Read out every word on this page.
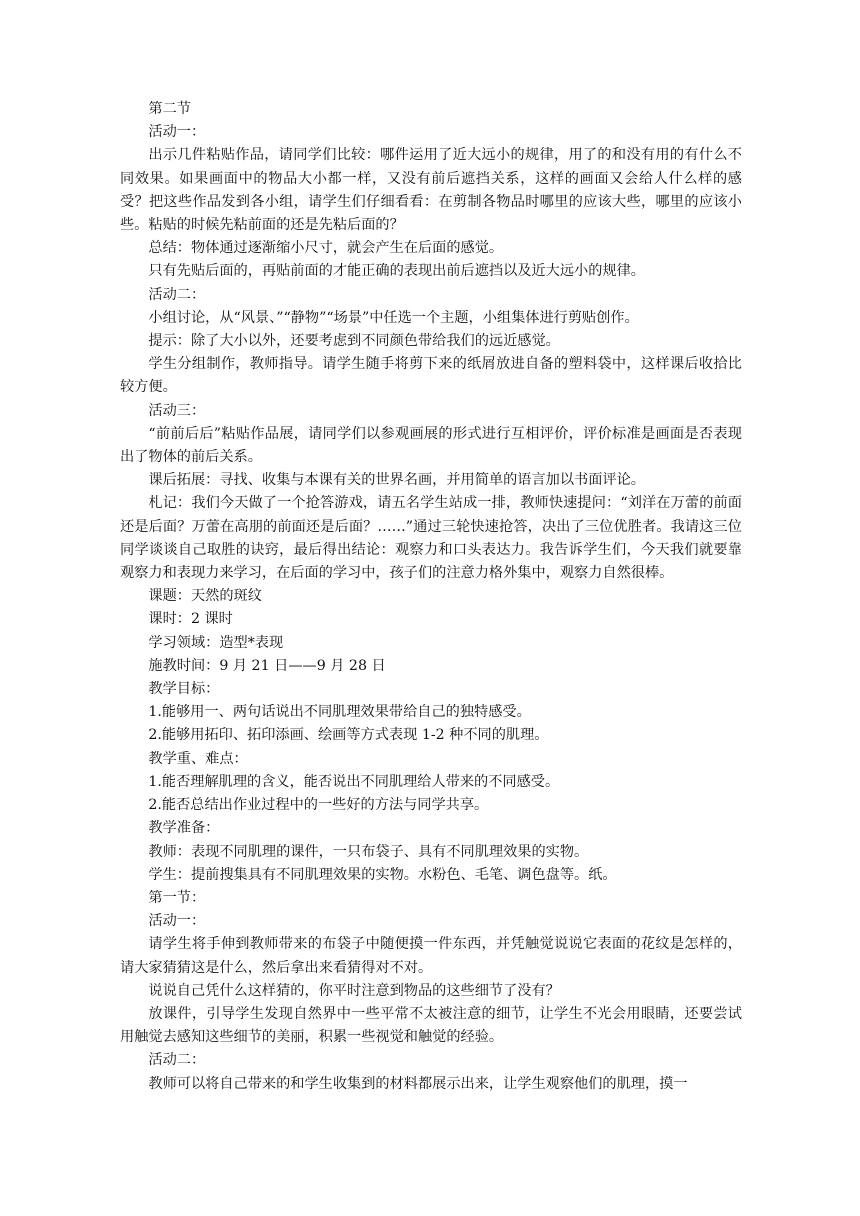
第二节

活动一：

出示几件粘贴作品，请同学们比较：哪件运用了近大远小的规律，用了的和没有用的有什么不同效果。如果画面中的物品大小都一样，又没有前后遮挡关系，这样的画面又会给人什么样的感受？把这些作品发到各小组，请学生们仔细看看：在剪制各物品时哪里的应该大些，哪里的应该小些。粘贴的时候先粘前面的还是先粘后面的？

总结：物体通过逐渐缩小尺寸，就会产生在后面的感觉。

只有先贴后面的，再贴前面的才能正确的表现出前后遮挡以及近大远小的规律。

活动二：

小组讨论，从“风景、”“静物”“场景”中任选一个主题，小组集体进行剪贴创作。

提示：除了大小以外，还要考虑到不同颜色带给我们的远近感觉。

学生分组制作，教师指导。请学生随手将剪下来的纸屑放进自备的塑料袋中，这样课后收拾比较方便。

活动三：

“前前后后”粘贴作品展，请同学们以参观画展的形式进行互相评价，评价标准是画面是否表现出了物体的前后关系。

课后拓展：寻找、收集与本课有关的世界名画，并用简单的语言加以书面评论。

札记：我们今天做了一个抢答游戏，请五名学生站成一排，教师快速提问：“刘洋在万蕾的前面还是后面？万蕾在高朋的前面还是后面？……”通过三轮快速抢答，决出了三位优胜者。我请这三位同学谈谈自己取胜的诀窍，最后得出结论：观察力和口头表达力。我告诉学生们，今天我们就要靠观察力和表现力来学习，在后面的学习中，孩子们的注意力格外集中，观察力自然很棒。

课题：天然的斑纹

课时：2 课时

学习领域：造型*表现

施教时间：9 月 21 日——9 月 28 日

教学目标：

1.能够用一、两句话说出不同肌理效果带给自己的独特感受。

2.能够用拓印、拓印添画、绘画等方式表现 1-2 种不同的肌理。

教学重、难点：

1.能否理解肌理的含义，能否说出不同肌理给人带来的不同感受。

2.能否总结出作业过程中的一些好的方法与同学共享。

教学准备：

教师：表现不同肌理的课件，一只布袋子、具有不同肌理效果的实物。

学生：提前搜集具有不同肌理效果的实物。水粉色、毛笔、调色盘等。纸。

第一节：

活动一：

请学生将手伸到教师带来的布袋子中随便摸一件东西，并凭触觉说说它表面的花纹是怎样的，请大家猜猜这是什么，然后拿出来看猜得对不对。

说说自己凭什么这样猜的，你平时注意到物品的这些细节了没有？

放课件，引导学生发现自然界中一些平常不太被注意的细节，让学生不光会用眼睛，还要尝试用触觉去感知这些细节的美丽，积累一些视觉和触觉的经验。

活动二：

教师可以将自己带来的和学生收集到的材料都展示出来，让学生观察他们的肌理，摸一
